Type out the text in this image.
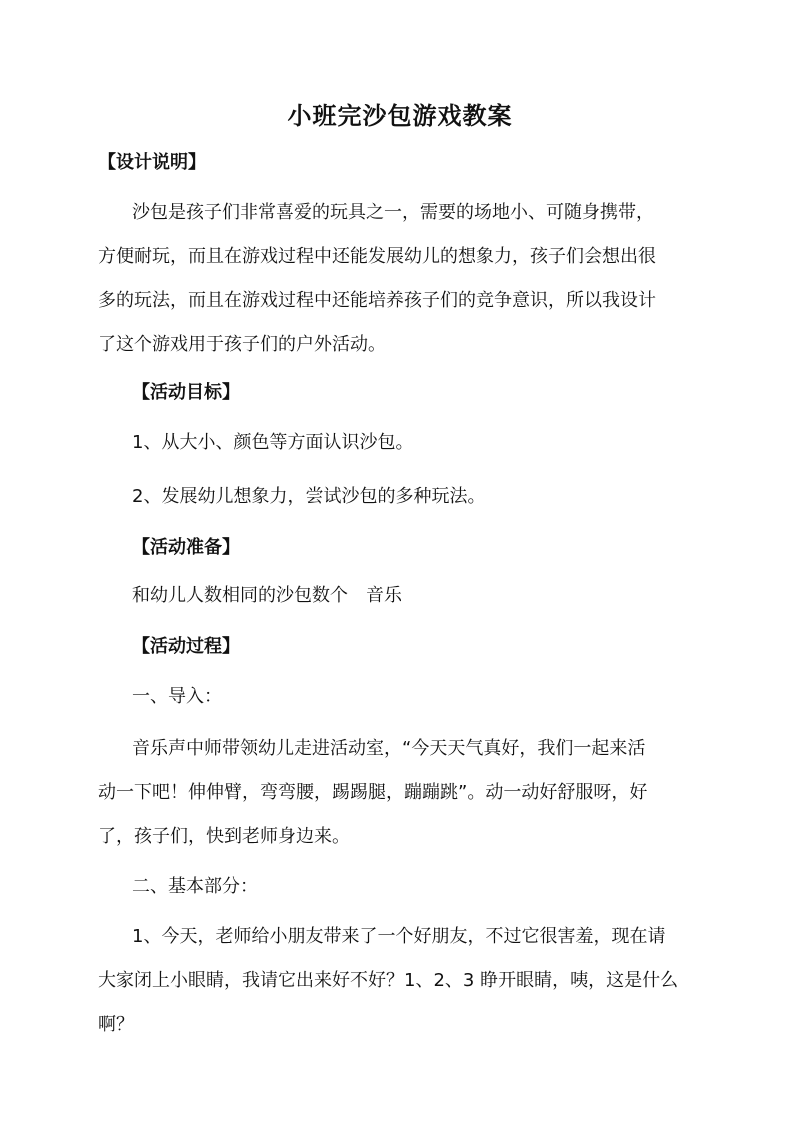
小班完沙包游戏教案
【设计说明】
沙包是孩子们非常喜爱的玩具之一，需要的场地小、可随身携带，
方便耐玩，而且在游戏过程中还能发展幼儿的想象力，孩子们会想出很
多的玩法，而且在游戏过程中还能培养孩子们的竞争意识，所以我设计
了这个游戏用于孩子们的户外活动。
【活动目标】
1、从大小、颜色等方面认识沙包。
2、发展幼儿想象力，尝试沙包的多种玩法。
【活动准备】
和幼儿人数相同的沙包数个　音乐
【活动过程】
一、导入：
音乐声中师带领幼儿走进活动室，“今天天气真好，我们一起来活
动一下吧！伸伸臂，弯弯腰，踢踢腿，蹦蹦跳”。动一动好舒服呀，好
了，孩子们，快到老师身边来。
二、基本部分：
1、今天，老师给小朋友带来了一个好朋友，不过它很害羞，现在请
大家闭上小眼睛，我请它出来好不好？1、2、3 睁开眼睛，咦，这是什么
啊？
